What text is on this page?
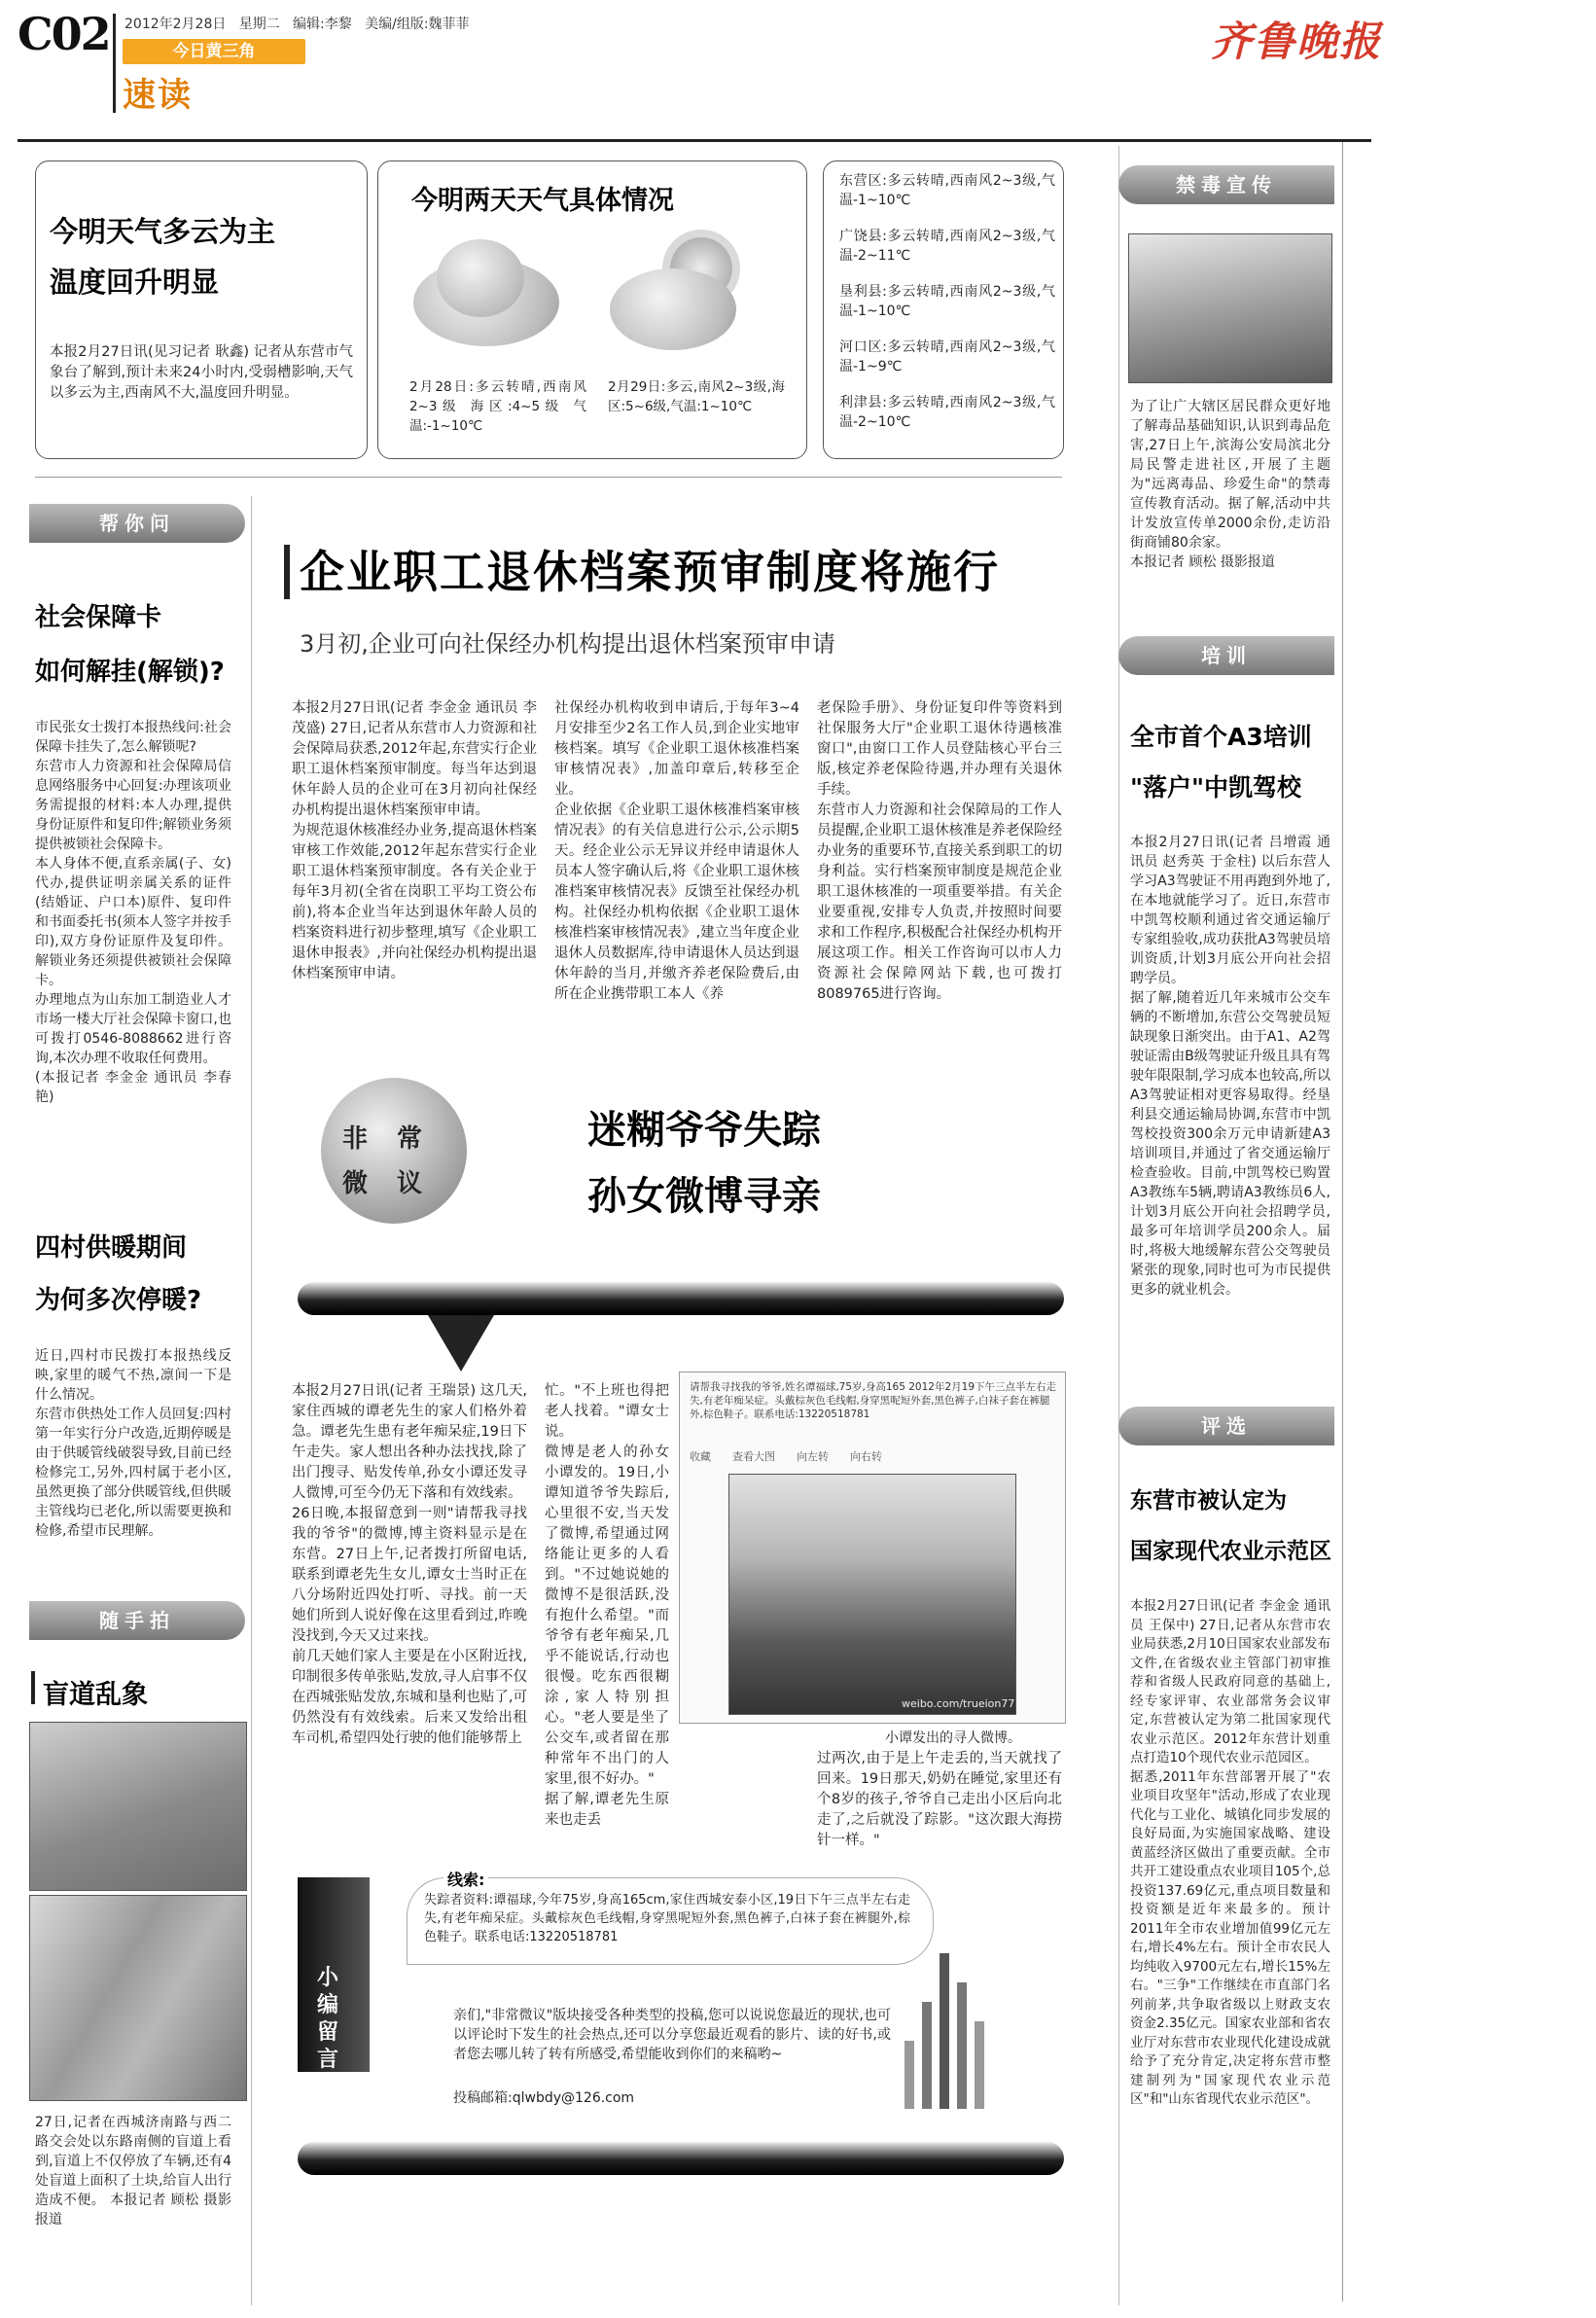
C02 2012年2月28日   星期二   编辑:李黎   美编/组版:魏菲菲
今日黄三角
速读
齐鲁晚报
今明天气多云为主
温度回升明显
本报2月27日讯(见习记者 耿鑫) 记者从东营市气象台了解到,预计未来24小时内,受弱槽影响,天气以多云为主,西南风不大,温度回升明显。
今明两天天气具体情况
2月28日:多云转晴,西南风2~3级 海区:4~5级 气温:-1~10℃
2月29日:多云,南风2~3级,海区:5~6级,气温:1~10℃
东营区:多云转晴,西南风2~3级,气温-1~10℃
广饶县:多云转晴,西南风2~3级,气温-2~11℃
垦利县:多云转晴,西南风2~3级,气温-1~10℃
河口区:多云转晴,西南风2~3级,气温-1~9℃
利津县:多云转晴,西南风2~3级,气温-2~10℃
帮你问
社会保障卡
如何解挂(解锁)?
市民张女士拨打本报热线问:社会保障卡挂失了,怎么解锁呢?
东营市人力资源和社会保障局信息网络服务中心回复:办理该项业务需提报的材料:本人办理,提供身份证原件和复印件;解锁业务须提供被锁社会保障卡。
本人身体不便,直系亲属(子、女)代办,提供证明亲属关系的证件(结婚证、户口本)原件、复印件和书面委托书(须本人签字并按手印),双方身份证原件及复印件。解锁业务还须提供被锁社会保障卡。
办理地点为山东加工制造业人才市场一楼大厅社会保障卡窗口,也可拨打0546-8088662进行咨询,本次办理不收取任何费用。
(本报记者 李金金 通讯员 李春艳)
四村供暖期间
为何多次停暖?
近日,四村市民拨打本报热线反映,家里的暖气不热,凛间一下是什么情况。
东营市供热处工作人员回复:四村第一年实行分户改造,近期停暖是由于供暖管线破裂导致,目前已经检修完工,另外,四村属于老小区,虽然更换了部分供暖管线,但供暖主管线均已老化,所以需要更换和检修,希望市民理解。
随手拍
盲道乱象
27日,记者在西城济南路与西二路交会处以东路南侧的盲道上看到,盲道上不仅停放了车辆,还有4处盲道上面积了土块,给盲人出行造成不便。 本报记者 顾松 摄影报道
企业职工退休档案预审制度将施行
3月初,企业可向社保经办机构提出退休档案预审申请
本报2月27日讯(记者 李金金 通讯员 李茂盛) 27日,记者从东营市人力资源和社会保障局获悉,2012年起,东营实行企业职工退休档案预审制度。每当年达到退休年龄人员的企业可在3月初向社保经办机构提出退休档案预审申请。
为规范退休核准经办业务,提高退休档案审核工作效能,2012年起东营实行企业职工退休档案预审制度。各有关企业于每年3月初(全省在岗职工平均工资公布前),将本企业当年达到退休年龄人员的档案资料进行初步整理,填写《企业职工退休申报表》,并向社保经办机构提出退休档案预审申请。
社保经办机构收到申请后,于每年3~4月安排至少2名工作人员,到企业实地审核档案。填写《企业职工退休核准档案审核情况表》,加盖印章后,转移至企业。
企业依据《企业职工退休核准档案审核情况表》的有关信息进行公示,公示期5天。经企业公示无异议并经申请退休人员本人签字确认后,将《企业职工退休核准档案审核情况表》反馈至社保经办机构。社保经办机构依据《企业职工退休核准档案审核情况表》,建立当年度企业退休人员数据库,待申请退休人员达到退休年龄的当月,并缴齐养老保险费后,由所在企业携带职工本人《养
老保险手册》、身份证复印件等资料到社保服务大厅"企业职工退休待遇核准窗口",由窗口工作人员登陆核心平台三版,核定养老保险待遇,并办理有关退休手续。
东营市人力资源和社会保障局的工作人员提醒,企业职工退休核准是养老保险经办业务的重要环节,直接关系到职工的切身利益。实行档案预审制度是规范企业职工退休核准的一项重要举措。有关企业要重视,安排专人负责,并按照时间要求和工作程序,积极配合社保经办机构开展这项工作。相关工作咨询可以市人力资源社会保障网站下载,也可拨打8089765进行咨询。
非 常
微 议
迷糊爷爷失踪
孙女微博寻亲
本报2月27日讯(记者 王瑞景) 这几天,家住西城的谭老先生的家人们格外着急。谭老先生患有老年痴呆症,19日下午走失。家人想出各种办法找找,除了出门搜寻、贴发传单,孙女小谭还发寻人微博,可至今仍无下落和有效线索。
26日晚,本报留意到一则"请帮我寻找我的爷爷"的微博,博主资料显示是在东营。27日上午,记者拨打所留电话,联系到谭老先生女儿,谭女士当时正在八分场附近四处打听、寻找。前一天她们所到人说好像在这里看到过,昨晚没找到,今天又过来找。
前几天她们家人主要是在小区附近找,印制很多传单张贴,发放,寻人启事不仅在西城张贴发放,东城和垦利也贴了,可仍然没有有效线索。后来又发给出租车司机,希望四处行驶的他们能够帮上
忙。"不上班也得把老人找着。"谭女士说。
微博是老人的孙女小谭发的。19日,小谭知道爷爷失踪后,心里很不安,当天发了微博,希望通过网络能让更多的人看到。"不过她说她的微博不是很活跃,没有抱什么希望。"而爷爷有老年痴呆,几乎不能说话,行动也很慢。吃东西很糊涂,家人特别担心。"老人要是坐了公交车,或者留在那种常年不出门的人家里,很不好办。"
据了解,谭老先生原来也走丢
请帮我寻找我的爷爷,姓名谭福球,75岁,身高165 2012年2月19下午三点半左右走失,有老年痴呆症。头戴棕灰色毛线帽,身穿黑呢短外套,黑色裤子,白袜子套在裤腿外,棕色鞋子。联系电话:13220518781
收藏 查看大图 向左转 向右转
weibo.com/trueion77
小谭发出的寻人微博。
过两次,由于是上午走丢的,当天就找了回来。19日那天,奶奶在睡觉,家里还有个8岁的孩子,爷爷自己走出小区后向北走了,之后就没了踪影。"这次跟大海捞针一样。"
线索:
失踪者资料:谭福球,今年75岁,身高165cm,家住西城安泰小区,19日下午三点半左右走失,有老年痴呆症。头戴棕灰色毛线帽,身穿黑呢短外套,黑色裤子,白袜子套在裤腿外,棕色鞋子。联系电话:13220518781
小编留言
亲们,"非常微议"版块接受各种类型的投稿,您可以说说您最近的现状,也可以评论时下发生的社会热点,还可以分享您最近观看的影片、读的好书,或者您去哪儿转了转有所感受,希望能收到你们的来稿哟~
投稿邮箱:qlwbdy@126.com
禁毒宣传
为了让广大辖区居民群众更好地了解毒品基础知识,认识到毒品危害,27日上午,滨海公安局滨北分局民警走进社区,开展了主题为"远离毒品、珍爱生命"的禁毒宣传教育活动。据了解,活动中共计发放宣传单2000余份,走访沿街商铺80余家。
本报记者 顾松 摄影报道
培训
全市首个A3培训
"落户"中凯驾校
本报2月27日讯(记者 吕增霞 通讯员 赵秀英 于金柱) 以后东营人学习A3驾驶证不用再跑到外地了,在本地就能学习了。近日,东营市中凯驾校顺利通过省交通运输厅专家组验收,成功获批A3驾驶员培训资质,计划3月底公开向社会招聘学员。
据了解,随着近几年来城市公交车辆的不断增加,东营公交驾驶员短缺现象日渐突出。由于A1、A2驾驶证需由B级驾驶证升级且具有驾驶年限限制,学习成本也较高,所以A3驾驶证相对更容易取得。经垦利县交通运输局协调,东营市中凯驾校投资300余万元申请新建A3培训项目,并通过了省交通运输厅检查验收。目前,中凯驾校已购置A3教练车5辆,聘请A3教练员6人,计划3月底公开向社会招聘学员,最多可年培训学员200余人。届时,将极大地缓解东营公交驾驶员紧张的现象,同时也可为市民提供更多的就业机会。
评选
东营市被认定为
国家现代农业示范区
本报2月27日讯(记者 李金金 通讯员 王保中) 27日,记者从东营市农业局获悉,2月10日国家农业部发布文件,在省级农业主管部门初审推荐和省级人民政府同意的基础上,经专家评审、农业部常务会议审定,东营被认定为第二批国家现代农业示范区。2012年东营计划重点打造10个现代农业示范园区。
据悉,2011年东营部署开展了"农业项目攻坚年"活动,形成了农业现代化与工业化、城镇化同步发展的良好局面,为实施国家战略、建设黄蓝经济区做出了重要贡献。全市共开工建设重点农业项目105个,总投资137.69亿元,重点项目数量和投资额是近年来最多的。预计2011年全市农业增加值99亿元左右,增长4%左右。预计全市农民人均纯收入9700元左右,增长15%左右。"三争"工作继续在市直部门名列前茅,共争取省级以上财政支农资金2.35亿元。国家农业部和省农业厅对东营市农业现代化建设成就给予了充分肯定,决定将东营市整建制列为"国家现代农业示范区"和"山东省现代农业示范区"。
